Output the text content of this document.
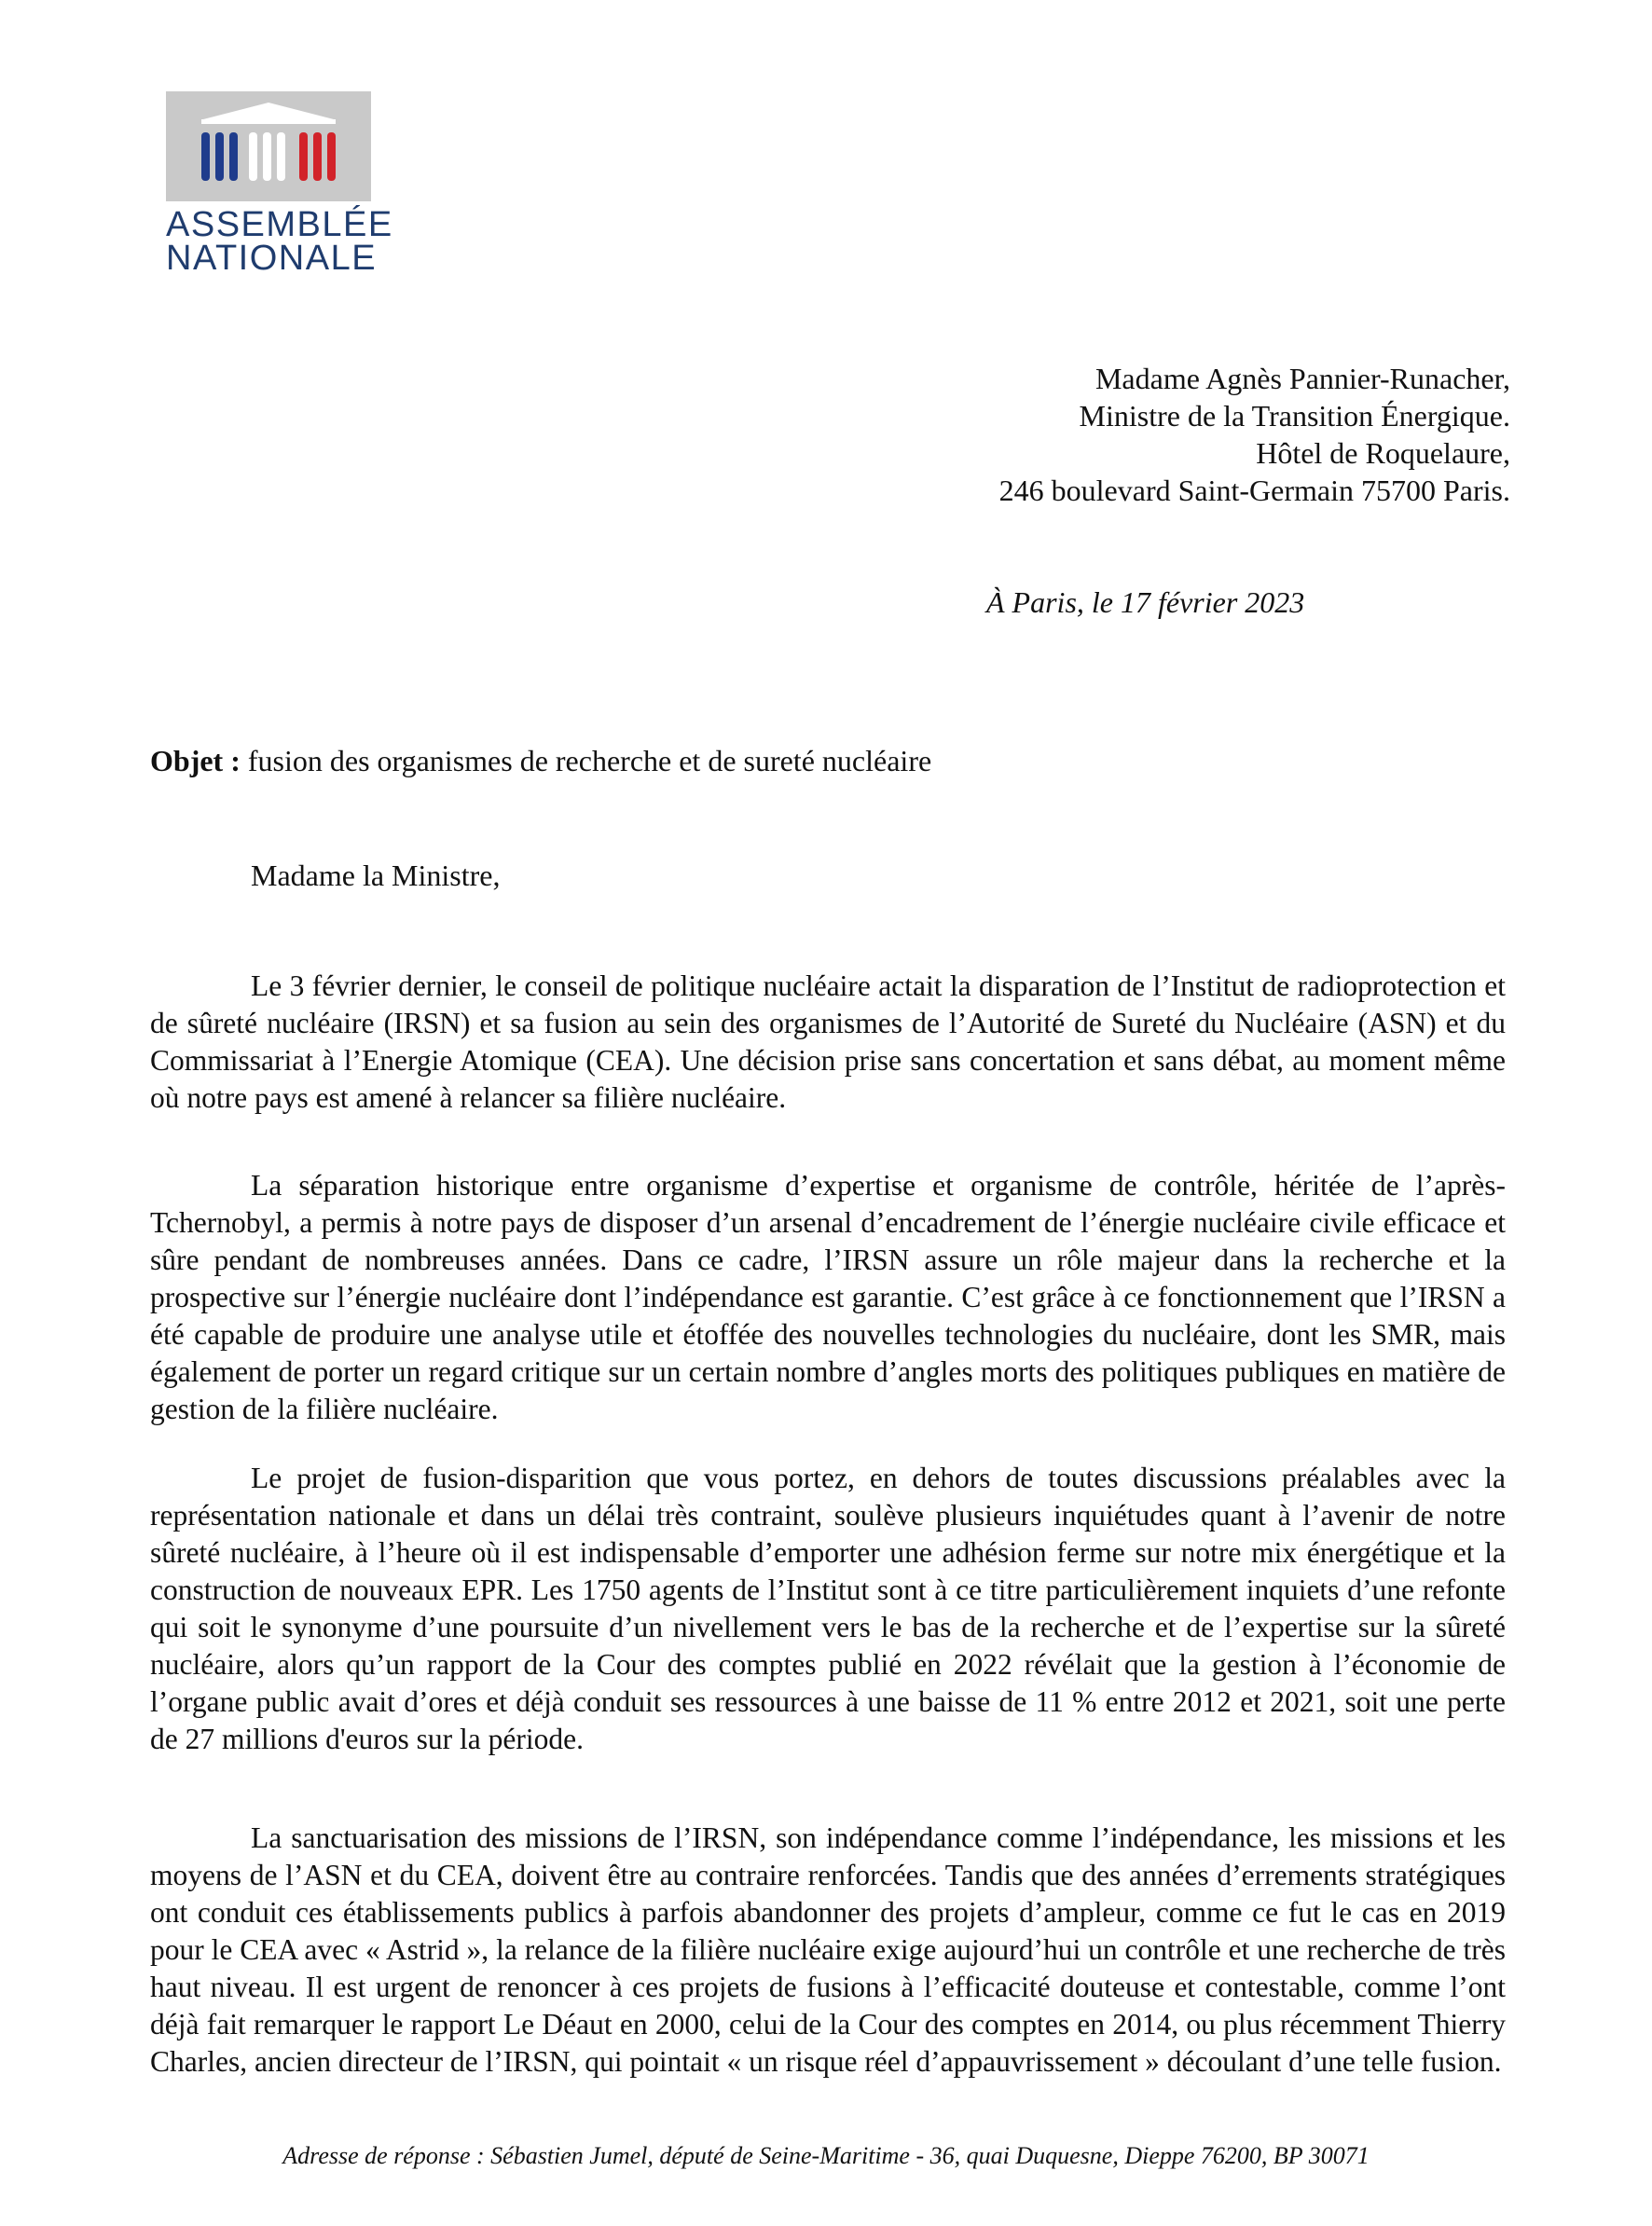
ASSEMBLÉE
NATIONALE
Madame Agnès Pannier-Runacher,
Ministre de la Transition Énergique.
Hôtel de Roquelaure,
246 boulevard Saint-Germain 75700 Paris.
À Paris, le 17 février 2023
Objet : fusion des organismes de recherche et de sureté nucléaire
Madame la Ministre,

Le 3 février dernier, le conseil de politique nucléaire actait la disparation de l’Institut de radioprotection et de sûreté nucléaire (IRSN) et sa fusion au sein des organismes de l’Autorité de Sureté du Nucléaire (ASN) et du Commissariat à l’Energie Atomique (CEA). Une décision prise sans concertation et sans débat, au moment même où notre pays est amené à relancer sa filière nucléaire.

La séparation historique entre organisme d’expertise et organisme de contrôle, héritée de l’après-Tchernobyl, a permis à notre pays de disposer d’un arsenal d’encadrement de l’énergie nucléaire civile efficace et sûre pendant de nombreuses années. Dans ce cadre, l’IRSN assure un rôle majeur dans la recherche et la prospective sur l’énergie nucléaire dont l’indépendance est garantie. C’est grâce à ce fonctionnement que l’IRSN a été capable de produire une analyse utile et étoffée des nouvelles technologies du nucléaire, dont les SMR, mais également de porter un regard critique sur un certain nombre d’angles morts des politiques publiques en matière de gestion de la filière nucléaire.

Le projet de fusion-disparition que vous portez, en dehors de toutes discussions préalables avec la représentation nationale et dans un délai très contraint, soulève plusieurs inquiétudes quant à l’avenir de notre sûreté nucléaire, à l’heure où il est indispensable d’emporter une adhésion ferme sur notre mix énergétique et la construction de nouveaux EPR. Les 1750 agents de l’Institut sont à ce titre particulièrement inquiets d’une refonte qui soit le synonyme d’une poursuite d’un nivellement vers le bas de la recherche et de l’expertise sur la sûreté nucléaire, alors qu’un rapport de la Cour des comptes publié en 2022 révélait que la gestion à l’économie de l’organe public avait d’ores et déjà conduit ses ressources à une baisse de 11 % entre 2012 et 2021, soit une perte de 27 millions d'euros sur la période.

La sanctuarisation des missions de l’IRSN, son indépendance comme l’indépendance, les missions et les moyens de l’ASN et du CEA, doivent être au contraire renforcées. Tandis que des années d’errements stratégiques ont conduit ces établissements publics à parfois abandonner des projets d’ampleur, comme ce fut le cas en 2019 pour le CEA avec « Astrid », la relance de la filière nucléaire exige aujourd’hui un contrôle et une recherche de très haut niveau. Il est urgent de renoncer à ces projets de fusions à l’efficacité douteuse et contestable, comme l’ont déjà fait remarquer le rapport Le Déaut en 2000, celui de la Cour des comptes en 2014, ou plus récemment Thierry Charles, ancien directeur de l’IRSN, qui pointait « un risque réel d’appauvrissement » découlant d’une telle fusion.

Adresse de réponse : Sébastien Jumel, député de Seine-Maritime - 36, quai Duquesne, Dieppe 76200, BP 30071
